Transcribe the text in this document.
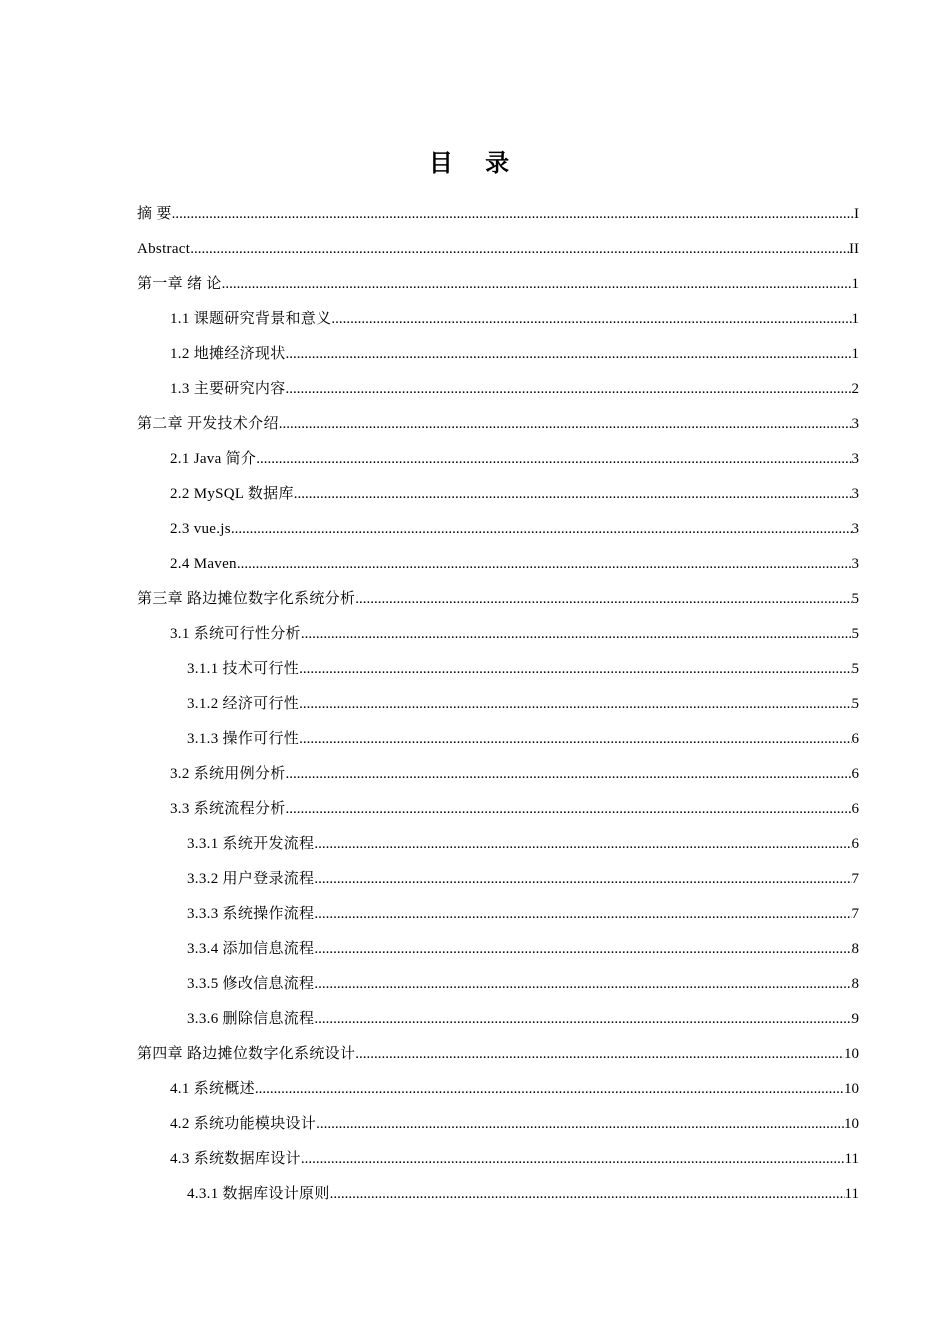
目 录
摘 要 .....	I
Abstract .....	II
第一章 绪 论 .....	1
1.1 课题研究背景和意义 .....	1
1.2 地摊经济现状 .....	1
1.3 主要研究内容 .....	2
第二章 开发技术介绍 .....	3
2.1 Java 简介 .....	3
2.2 MySQL 数据库 .....	3
2.3 vue.js .....	3
2.4 Maven .....	3
第三章 路边摊位数字化系统分析 .....	5
3.1 系统可行性分析 .....	5
3.1.1 技术可行性 .....	5
3.1.2 经济可行性 .....	5
3.1.3 操作可行性 .....	6
3.2 系统用例分析 .....	6
3.3 系统流程分析 .....	6
3.3.1 系统开发流程 .....	6
3.3.2 用户登录流程 .....	7
3.3.3 系统操作流程 .....	7
3.3.4 添加信息流程 .....	8
3.3.5 修改信息流程 .....	8
3.3.6 删除信息流程 .....	9
第四章 路边摊位数字化系统设计 .....	10
4.1 系统概述 .....	10
4.2 系统功能模块设计 .....	10
4.3 系统数据库设计 .....	11
4.3.1 数据库设计原则 .....	11
